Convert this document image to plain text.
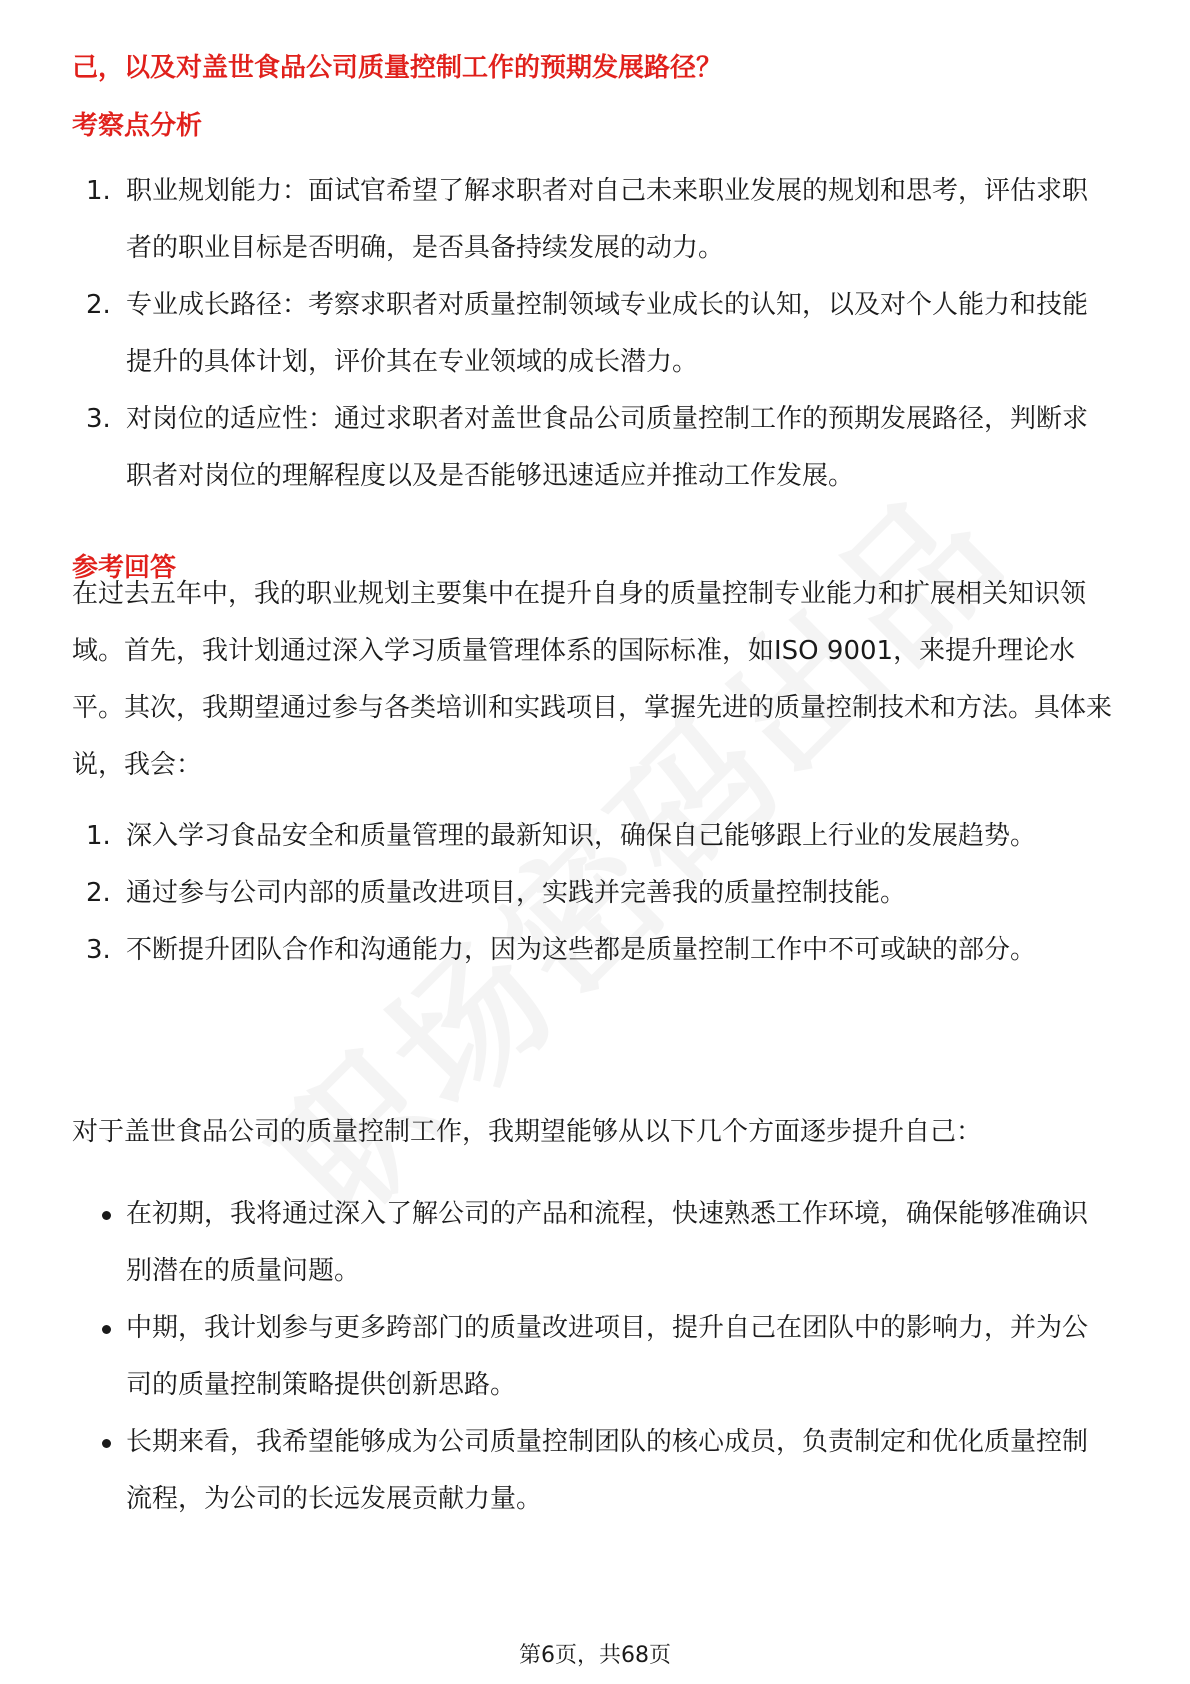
己，以及对盖世食品公司质量控制工作的预期发展路径？
考察点分析
1. 职业规划能力：面试官希望了解求职者对自己未来职业发展的规划和思考，评估求职者的职业目标是否明确，是否具备持续发展的动力。
2. 专业成长路径：考察求职者对质量控制领域专业成长的认知，以及对个人能力和技能提升的具体计划，评价其在专业领域的成长潜力。
3. 对岗位的适应性：通过求职者对盖世食品公司质量控制工作的预期发展路径，判断求职者对岗位的理解程度以及是否能够迅速适应并推动工作发展。
参考回答

在过去五年中，我的职业规划主要集中在提升自身的质量控制专业能力和扩展相关知识领域。首先，我计划通过深入学习质量管理体系的国际标准，如ISO 9001，来提升理论水平。其次，我期望通过参与各类培训和实践项目，掌握先进的质量控制技术和方法。具体来说，我会：

1. 深入学习食品安全和质量管理的最新知识，确保自己能够跟上行业的发展趋势。
2. 通过参与公司内部的质量改进项目，实践并完善我的质量控制技能。
3. 不断提升团队合作和沟通能力，因为这些都是质量控制工作中不可或缺的部分。

对于盖世食品公司的质量控制工作，我期望能够从以下几个方面逐步提升自己：

在初期，我将通过深入了解公司的产品和流程，快速熟悉工作环境，确保能够准确识别潜在的质量问题。
中期，我计划参与更多跨部门的质量改进项目，提升自己在团队中的影响力，并为公司的质量控制策略提供创新思路。
长期来看，我希望能够成为公司质量控制团队的核心成员，负责制定和优化质量控制流程，为公司的长远发展贡献力量。
第6页，共68页
